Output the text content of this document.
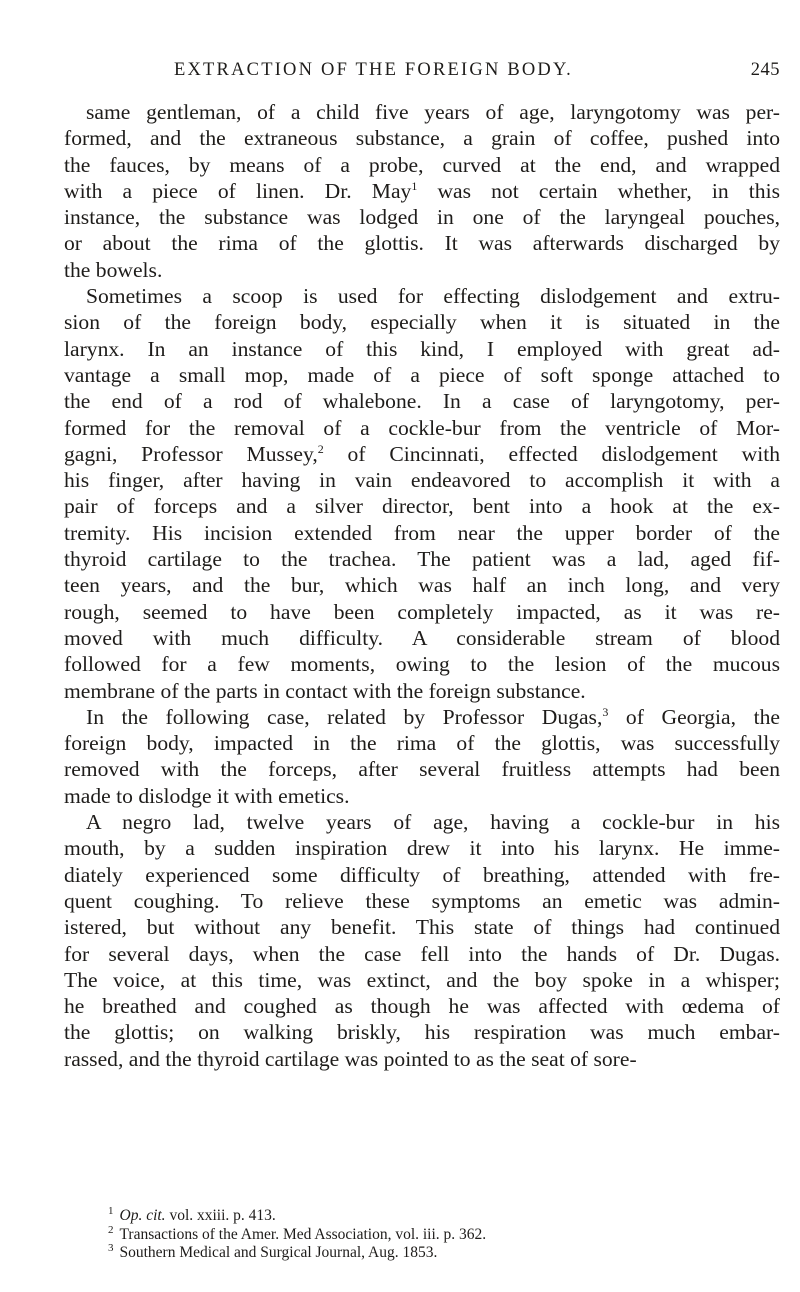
EXTRACTION OF THE FOREIGN BODY.	245
same gentleman, of a child five years of age, laryngotomy was per-
formed, and the extraneous substance, a grain of coffee, pushed into
the fauces, by means of a probe, curved at the end, and wrapped
with a piece of linen. Dr. May$^1$ was not certain whether, in this
instance, the substance was lodged in one of the laryngeal pouches,
or about the rima of the glottis. It was afterwards discharged by
the bowels.
Sometimes a scoop is used for effecting dislodgement and extru-
sion of the foreign body, especially when it is situated in the
larynx. In an instance of this kind, I employed with great ad-
vantage a small mop, made of a piece of soft sponge attached to
the end of a rod of whalebone. In a case of laryngotomy, per-
formed for the removal of a cockle-bur from the ventricle of Mor-
gagni, Professor Mussey,$^2$ of Cincinnati, effected dislodgement with
his finger, after having in vain endeavored to accomplish it with a
pair of forceps and a silver director, bent into a hook at the ex-
tremity. His incision extended from near the upper border of the
thyroid cartilage to the trachea. The patient was a lad, aged fif-
teen years, and the bur, which was half an inch long, and very
rough, seemed to have been completely impacted, as it was re-
moved with much difficulty. A considerable stream of blood
followed for a few moments, owing to the lesion of the mucous
membrane of the parts in contact with the foreign substance.
In the following case, related by Professor Dugas,$^3$ of Georgia, the
foreign body, impacted in the rima of the glottis, was successfully
removed with the forceps, after several fruitless attempts had been
made to dislodge it with emetics.
A negro lad, twelve years of age, having a cockle-bur in his
mouth, by a sudden inspiration drew it into his larynx. He imme-
diately experienced some difficulty of breathing, attended with fre-
quent coughing. To relieve these symptoms an emetic was admin-
istered, but without any benefit. This state of things had continued
for several days, when the case fell into the hands of Dr. Dugas.
The voice, at this time, was extinct, and the boy spoke in a whisper;
he breathed and coughed as though he was affected with œdema of
the glottis; on walking briskly, his respiration was much embar-
rassed, and the thyroid cartilage was pointed to as the seat of sore-
$^1$ Op. cit. vol. xxiii. p. 413.
$^2$ Transactions of the Amer. Med Association, vol. iii. p. 362.
$^3$ Southern Medical and Surgical Journal, Aug. 1853.
